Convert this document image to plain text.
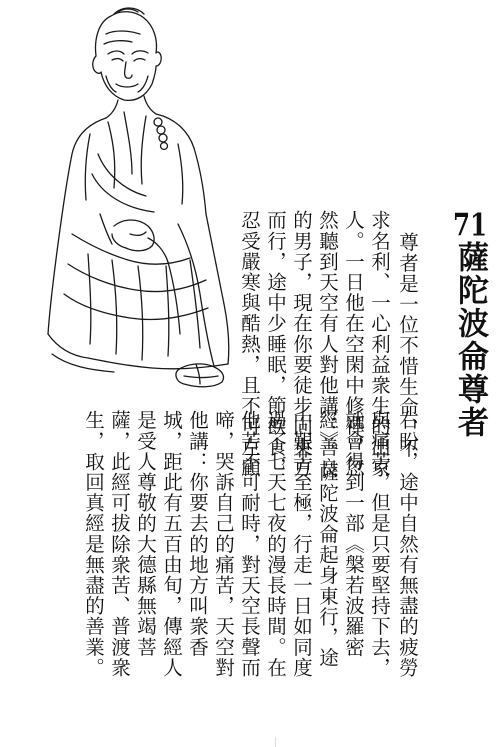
71薩陀波侖尊者
尊者是一位不惜生命、不
求名利、一心利益衆生的出家
人。一日他在空閑中修禪，忽
然聽到天空有人對他講：善良
的男子，現在你要徒步向東方
而行，途中少睡眠，節飲食，
忍受嚴寒與酷熱，且不可左顧
右盼，途中自然有無盡的疲勞
與痛苦，但是只要堅持下去，
就會得到一部《槃若波羅密
經》。薩陀波侖起身東行，途
中艱苦至極，行走一日如同度
過了七天七夜的漫長時間。在
他苦不可耐時，對天空長聲而
啼，哭訴自己的痛苦，天空對
他講：你要去的地方叫衆香
城，距此有五百由旬，傳經人
是受人尊敬的大德縣無竭菩
薩，此經可拔除衆苦、普渡衆
生，取回真經是無盡的善業。
